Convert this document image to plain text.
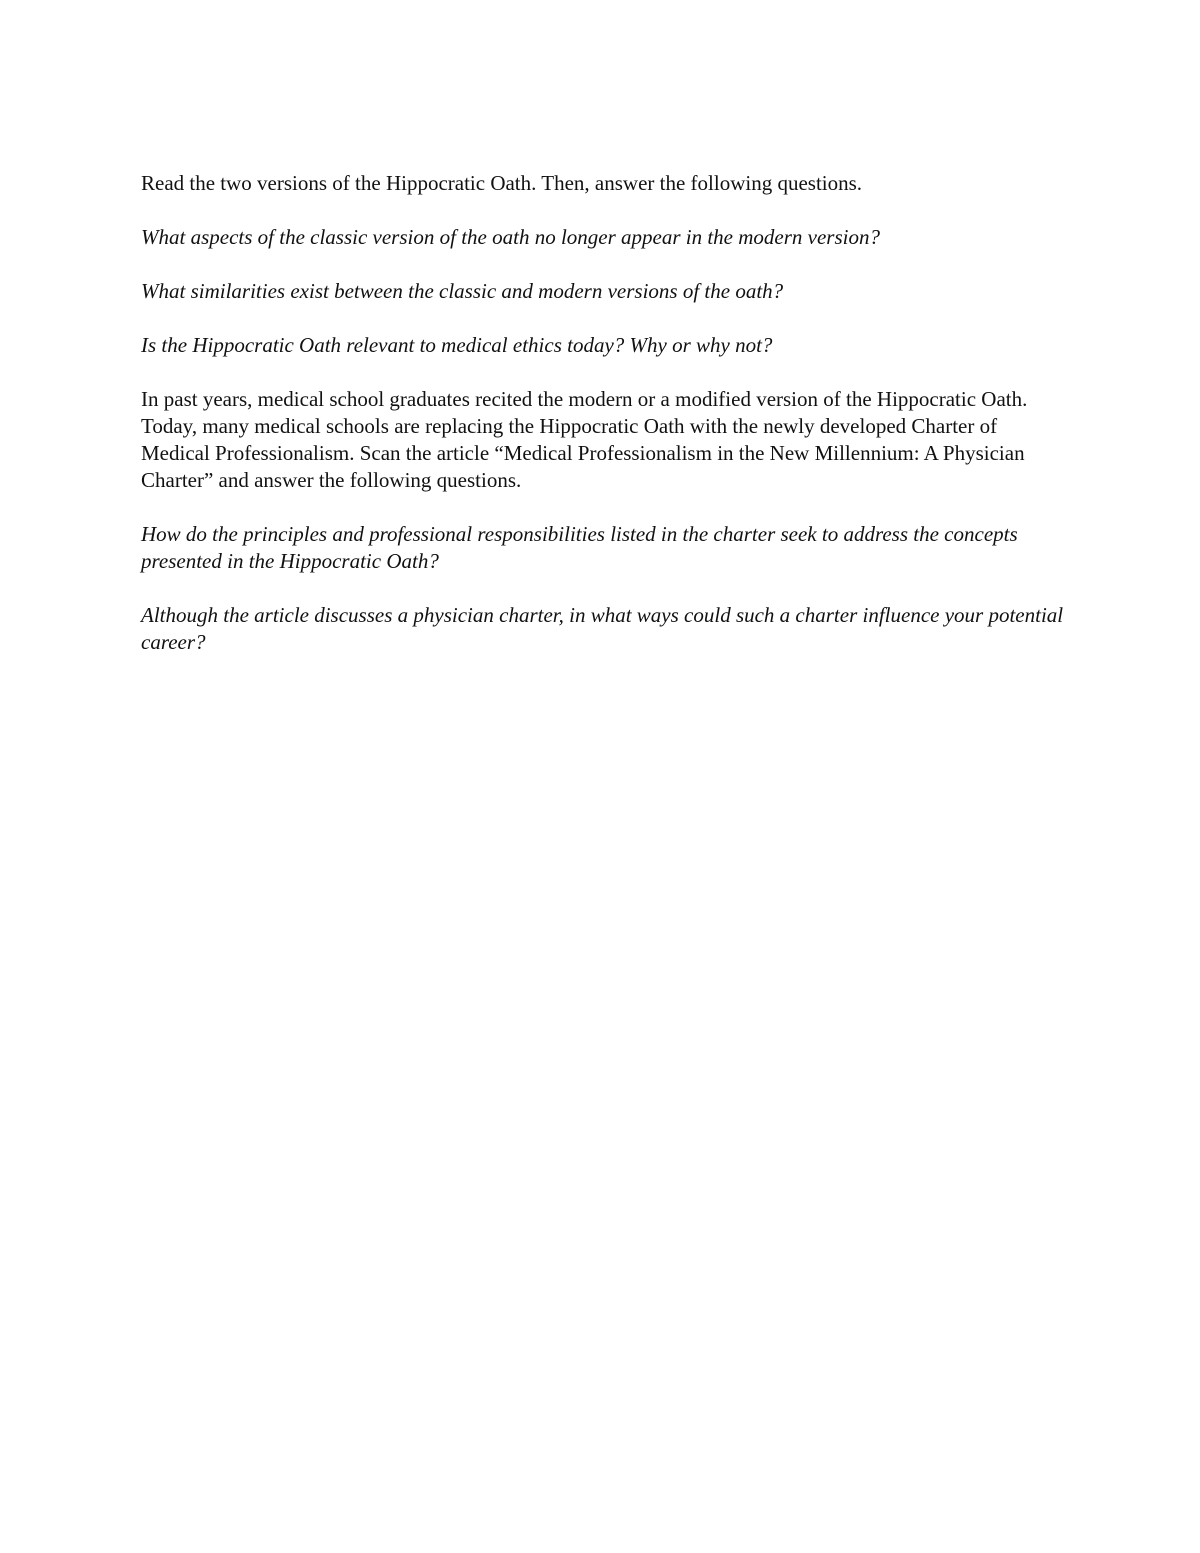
Read the two versions of the Hippocratic Oath. Then, answer the following questions.

What aspects of the classic version of the oath no longer appear in the modern version?

What similarities exist between the classic and modern versions of the oath?

Is the Hippocratic Oath relevant to medical ethics today? Why or why not?

In past years, medical school graduates recited the modern or a modified version of the Hippocratic Oath. Today, many medical schools are replacing the Hippocratic Oath with the newly developed Charter of Medical Professionalism. Scan the article “Medical Professionalism in the New Millennium: A Physician Charter” and answer the following questions.

How do the principles and professional responsibilities listed in the charter seek to address the concepts presented in the Hippocratic Oath?

Although the article discusses a physician charter, in what ways could such a charter influence your potential career?
